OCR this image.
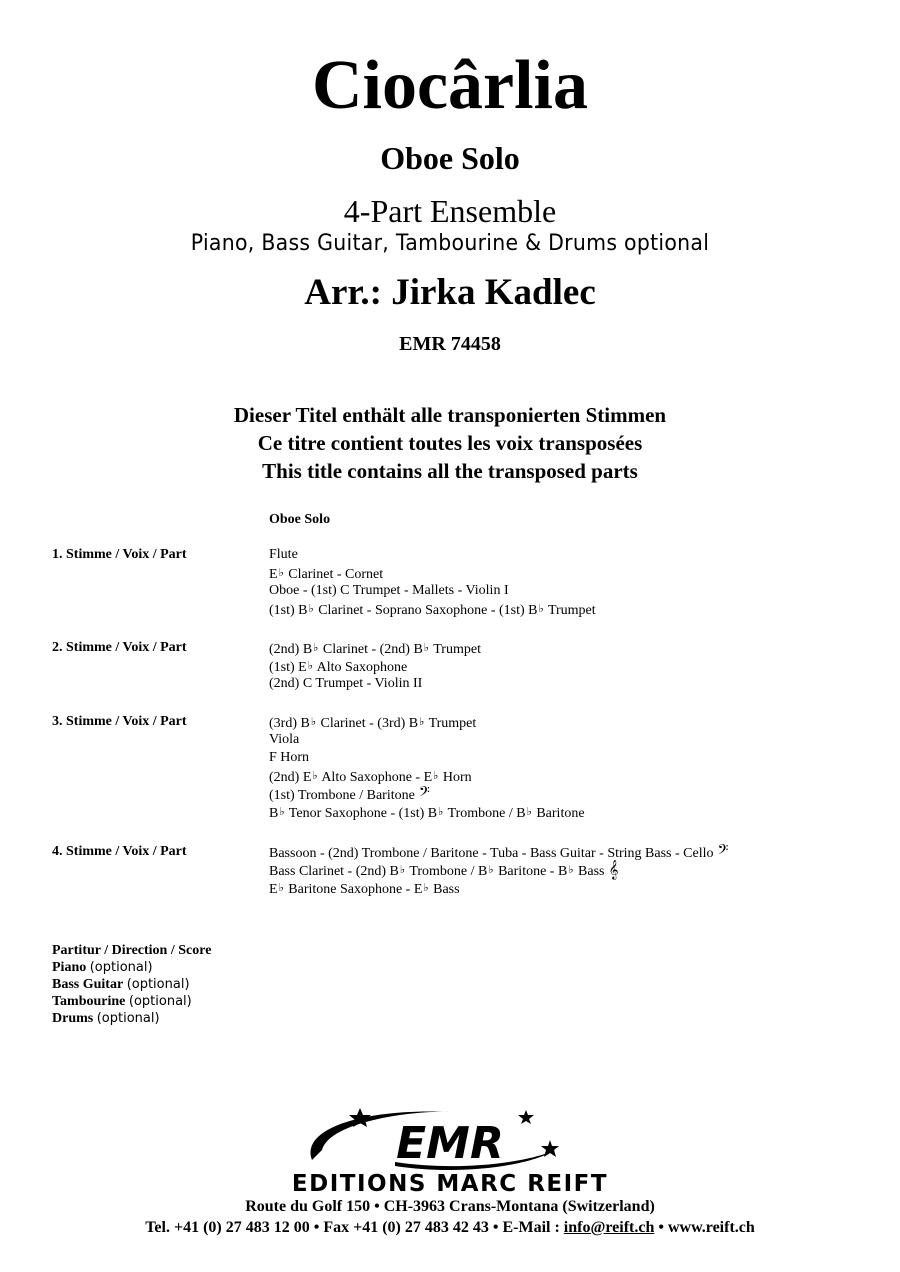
Ciocârlia
Oboe Solo
4-Part Ensemble
Piano, Bass Guitar, Tambourine & Drums optional
Arr.: Jirka Kadlec
EMR 74458
Dieser Titel enthält alle transponierten Stimmen
Ce titre contient toutes les voix transposées
This title contains all the transposed parts
Oboe Solo
1. Stimme / Voix / Part	Flute
E♭ Clarinet - Cornet
Oboe - (1st) C Trumpet - Mallets - Violin I
(1st) B♭ Clarinet - Soprano Saxophone - (1st) B♭ Trumpet
2. Stimme / Voix / Part	(2nd) B♭ Clarinet - (2nd) B♭ Trumpet
(1st) E♭ Alto Saxophone
(2nd) C Trumpet - Violin II
3. Stimme / Voix / Part	(3rd) B♭ Clarinet - (3rd) B♭ Trumpet
Viola
F Horn
(2nd) E♭ Alto Saxophone - E♭ Horn
(1st) Trombone / Baritone 𝄢
B♭ Tenor Saxophone - (1st) B♭ Trombone / B♭ Baritone
4. Stimme / Voix / Part	Bassoon - (2nd) Trombone / Baritone - Tuba - Bass Guitar - String Bass - Cello 𝄢
Bass Clarinet - (2nd) B♭ Trombone / B♭ Baritone - B♭ Bass 𝄞
E♭ Baritone Saxophone - E♭ Bass
Partitur / Direction / Score
Piano (optional)
Bass Guitar (optional)
Tambourine (optional)
Drums (optional)
EMR
EDITIONS MARC REIFT
Route du Golf 150 • CH-3963 Crans-Montana (Switzerland)
Tel. +41 (0) 27 483 12 00 • Fax +41 (0) 27 483 42 43 • E-Mail : info@reift.ch • www.reift.ch
